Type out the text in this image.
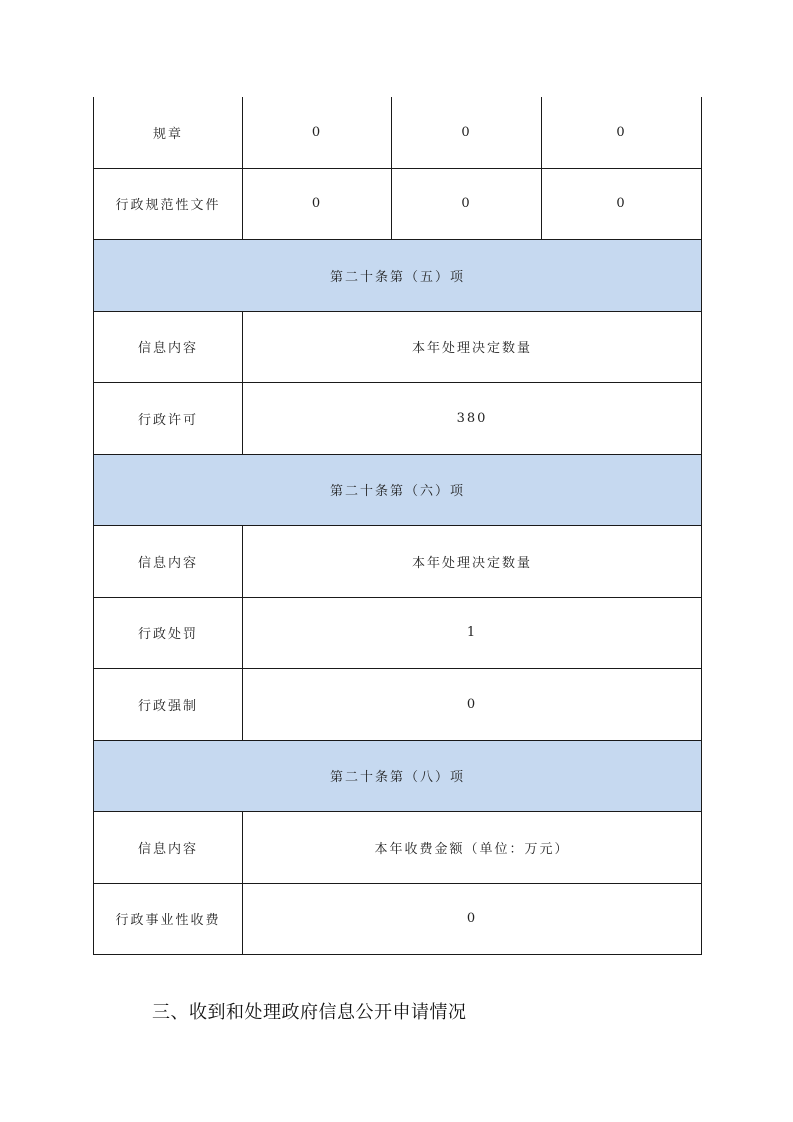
规章	0	0	0
行政规范性文件	0	0	0
第二十条第（五）项			
信息内容	本年处理决定数量		
行政许可	380		
第二十条第（六）项			
信息内容	本年处理决定数量		
行政处罚	1		
行政强制	0		
第二十条第（八）项			
信息内容	本年收费金额（单位：万元）		
行政事业性收费	0		
三、收到和处理政府信息公开申请情况
